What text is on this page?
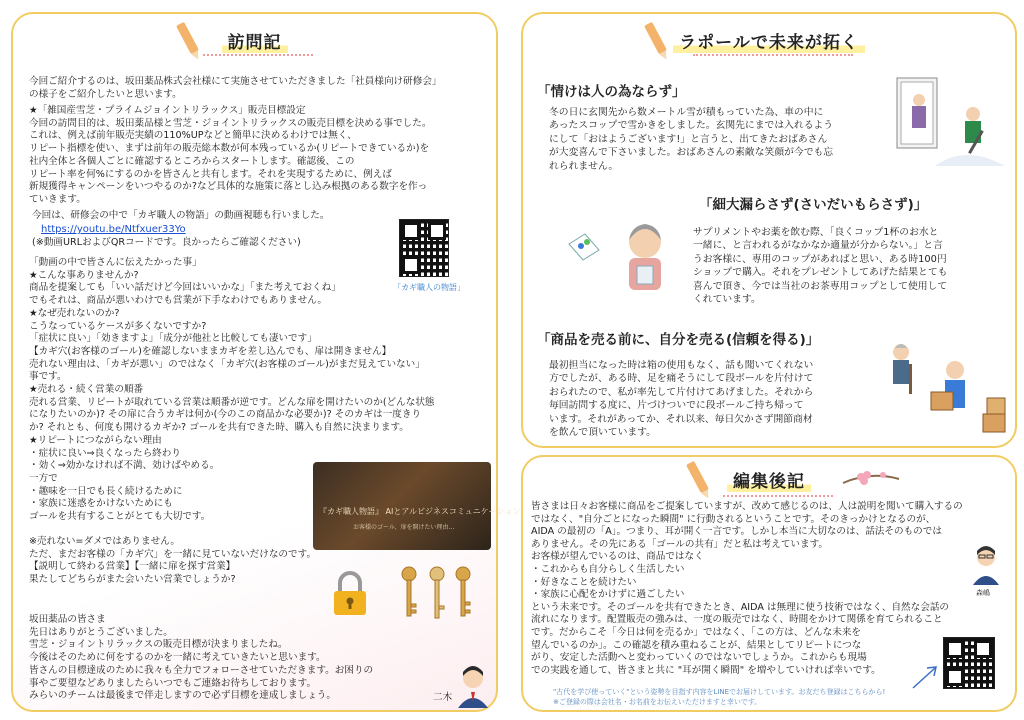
訪問記
今回ご紹介するのは、坂田薬品株式会社様にて実施させていただきました「社員様向け研修会」
の様子をご紹介したいと思います。
★「雑国産雪芝・プライムジョイントリラックス」販売目標設定
今回の訪問目的は、坂田薬品様と雪芝・ジョイントリラックスの販売目標を決める事でした。
これは、例えば前年販売実績の110%UPなどと簡単に決めるわけでは無く、
リピート指標を使い、まずは前年の販売総本数が何本残っているか(リピートできているか)を
社内全体と各個人ごとに確認するところからスタートします。確認後、この
リピート率を何%にするのかを皆さんと共有します。それを実現するために、例えば
新規獲得キャンペーンをいつやるのか?など具体的な施策に落とし込み根拠のある数字を作っ
ていきます。
今回は、研修会の中で「カギ職人の物語」の動画視聴も行いました。
https://youtu.be/Ntfxuer33Yo
(※動画URLおよびQRコードです。良かったらご確認ください)
「カギ職人の物語」
「動画の中で皆さんに伝えたかった事」
★こんな事ありませんか?
商品を提案しても「いい話だけど今回はいいかな」「また考えておくね」
でもそれは、商品が悪いわけでも営業が下手なわけでもありません。
★なぜ売れないのか?
こうなっているケースが多くないですか?
「症状に良い」「効きますよ」「成分が他社と比較しても凄いです」
【カギ穴(お客様のゴール)を確認しないままカギを差し込んでも、扉は開きません】
売れない理由は、「カギが悪い」のではなく「カギ穴(お客様のゴール)がまだ見えていない」
事です。
★売れる・続く営業の順番
売れる営業、リピートが取れている営業は順番が逆です。どんな扉を開けたいのか(どんな状態
になりたいのか)? その扉に合うカギは何か(今のこの商品かな必要か)? そのカギは一度きり
か? それとも、何度も開けるカギか? ゴールを共有できた時、購入も自然に決まります。
★リピートにつながらない理由
・症状に良い⇒良くなったら終わり
・効く⇒効かなければ不満、効けばやめる。
一方で
・趣味を一日でも長く続けるために
・家族に迷惑をかけないためにも
ゴールを共有することがとても大切です。	『カギ職人物語』 AIとアルビジネスコミュニケーション
お客様のゴール、扉を開けたい理由…
※売れない=ダメではありません。
ただ、まだお客様の「カギ穴」を一緒に見ていないだけなのです。
【説明して終わる営業】【一緒に扉を探す営業】
果たしてどちらがまた会いたい営業でしょうか?
坂田薬品の皆さま
先日はありがとうございました。
雪芝・ジョイントリラックスの販売目標が決まりましたね。
今後はそのために何をするのかを一緒に考えていきたいと思います。
皆さんの目標達成のために我々も全力でフォローさせていただきます。お困りの
事やご要望などありましたらいつでもご連絡お待ちしております。
みらいのチームは最後まで伴走しますので必ず目標を達成しましょう。	二木
ラポールで未来が拓く
「情けは人の為ならず」
冬の日に玄関先から数メートル雪が積もっていた為、車の中に
あったスコップで雪かきをしました。玄関先にまでは入れるよう
にして「おはようございます!」と言うと、出てきたおばあさん
が大変喜んで下さいました。おばあさんの素敵な笑顔が今でも忘
れられません。
「細大漏らさず(さいだいもらさず)」
サプリメントやお薬を飲む際、「良くコップ1杯のお水と
一緒に、と言われるがなかなか適量が分からない。」と言
うお客様に、専用のコップがあればと思い、ある時100円
ショップで購入。それをプレゼントしてあげた結果とても
喜んで頂き、今では当社のお茶専用コップとして使用して
くれています。
「商品を売る前に、自分を売る(信頼を得る)」
最初担当になった時は箱の使用もなく、話も聞いてくれない
方でしたが、ある時、足を痛そうにして段ボールを片付けて
おられたので、私が率先して片付けてあげました。それから
毎回訪問する度に、片づけついでに段ボールご持ち帰って
います。それがあってか、それ以来、毎日欠かさず開節商材
を飲んで頂いています。
編集後記
皆さまは日々お客様に商品をご提案していますが、改めて感じるのは、人は説明を聞いて購入するの
ではなく、"自分ごとになった瞬間" に行動されるということです。そのきっかけとなるのが、
AIDA の最初の「A」。つまり、耳が開く一言です。しかし本当に大切なのは、話法そのものでは
ありません。その先にある「ゴールの共有」だと私は考えています。
お客様が望んでいるのは、商品ではなく
・これからも自分らしく生活したい
・好きなことを続けたい
・家族に心配をかけずに過ごしたい
という未来です。そのゴールを共有できたとき、AIDA は無理に使う技術ではなく、自然な会話の
流れになります。配置販売の強みは、一度の販売ではなく、時間をかけて関係を育てられること
です。だからこそ「今日は何を売るか」ではなく、「この方は、どんな未来を
望んでいるのか」。この確認を積み重ねることが、結果としてリピートにつな
がり、安定した活動へと変わっていくのではないでしょうか。これからも現場
での実践を通して、皆さまと共に "耳が開く瞬間" を増やしていければ幸いです。
森嶋
"古代を学び使っていく"という姿勢を目指す内容をLINEでお届けしています。お友だち登録はこちらから!
※ご登録の際は会社名・お名前をお伝えいただけますと幸いです。
